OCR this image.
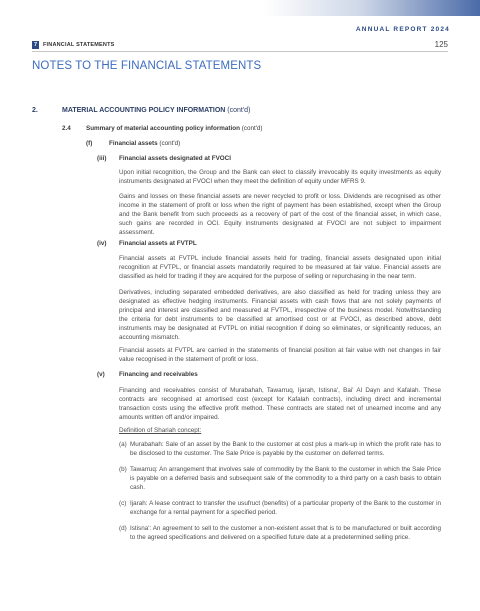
ANNUAL REPORT 2024
7	FINANCIAL STATEMENTS	125
NOTES TO THE FINANCIAL STATEMENTS
2.	MATERIAL ACCOUNTING POLICY INFORMATION (cont'd)
2.4 Summary of material accounting policy information (cont'd)
(f)	Financial assets (cont'd)
(iii) Financial assets designated at FVOCI

Upon initial recognition, the Group and the Bank can elect to classify irrevocably its equity investments as equity instruments designated at FVOCI when they meet the definition of equity under MFRS 9.

Gains and losses on these financial assets are never recycled to profit or loss. Dividends are recognised as other income in the statement of profit or loss when the right of payment has been established, except when the Group and the Bank benefit from such proceeds as a recovery of part of the cost of the financial asset, in which case, such gains are recorded in OCI. Equity instruments designated at FVOCI are not subject to impairment assessment.

(iv) Financial assets at FVTPL

Financial assets at FVTPL include financial assets held for trading, financial assets designated upon initial recognition at FVTPL, or financial assets mandatorily required to be measured at fair value. Financial assets are classified as held for trading if they are acquired for the purpose of selling or repurchasing in the near term.

Derivatives, including separated embedded derivatives, are also classified as held for trading unless they are designated as effective hedging instruments. Financial assets with cash flows that are not solely payments of principal and interest are classified and measured at FVTPL, irrespective of the business model. Notwithstanding the criteria for debt instruments to be classified at amortised cost or at FVOCI, as described above, debt instruments may be designated at FVTPL on initial recognition if doing so eliminates, or significantly reduces, an accounting mismatch.

Financial assets at FVTPL are carried in the statements of financial position at fair value with net changes in fair value recognised in the statement of profit or loss.

(v) Financing and receivables

Financing and receivables consist of Murabahah, Tawarruq, Ijarah, Istisna', Bai' Al Dayn and Kafalah. These contracts are recognised at amortised cost (except for Kafalah contracts), including direct and incremental transaction costs using the effective profit method. These contracts are stated net of unearned income and any amounts written off and/or impaired.

Definition of Shariah concept:

(a) Murabahah: Sale of an asset by the Bank to the customer at cost plus a mark-up in which the profit rate has to be disclosed to the customer. The Sale Price is payable by the customer on deferred terms.
(b) Tawarruq: An arrangement that involves sale of commodity by the Bank to the customer in which the Sale Price is payable on a deferred basis and subsequent sale of the commodity to a third party on a cash basis to obtain cash.
(c) Ijarah: A lease contract to transfer the usufruct (benefits) of a particular property of the Bank to the customer in exchange for a rental payment for a specified period.
(d) Istisna': An agreement to sell to the customer a non-existent asset that is to be manufactured or built according to the agreed specifications and delivered on a specified future date at a predetermined selling price.
